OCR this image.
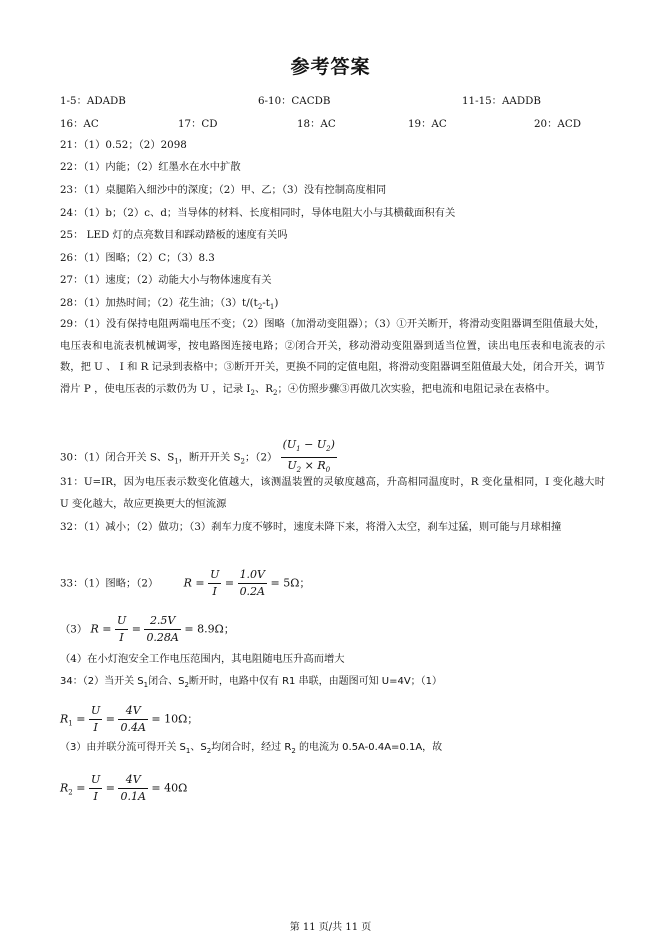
参考答案
1-5：ADADB	6-10：CACDB	11-15：AADDB
16：AC	17：CD	18：AC	19：AC	20：ACD
21：（1）0.52；（2）2098
22：（1）内能；（2）红墨水在水中扩散
23：（1）桌腿陷入细沙中的深度；（2）甲、乙；（3）没有控制高度相同
24：（1）b；（2）c、d；当导体的材料、长度相同时，导体电阻大小与其横截面积有关
25： LED 灯的点亮数目和踩动踏板的速度有关吗
26：（1）图略；（2）C；（3）8.3
27：（1）速度；（2）动能大小与物体速度有关
28：（1）加热时间；（2）花生油；$(3)t/(t_2-t_1)$
29：（1）没有保持电阻两端电压不变；（2）图略（加滑动变阻器）；（3）①开关断开，将滑动变阻器调至阻值最大处，电压表和电流表机械调零，按电路图连接电路；②闭合开关，移动滑动变阻器到适当位置，读出电压表和电流表的示数，把 U 、 I 和 R 记录到表格中；③断开开关，更换不同的定值电阻，将滑动变阻器调至阻值最大处，闭合开关，调节滑片 P ，使电压表的示数仍为 U ，记录 $I_2$、$R_2$；④仿照步骤③再做几次实验，把电流和电阻记录在表格中。
30：（1）闭合开关 S、$S_1$，断开开关 $S_2$；$(2) \frac{(U_1 - U_2)}{U_2 \times R_0}$
31：U=IR，因为电压表示数变化值越大，该测温装置的灵敏度越高，升高相同温度时，R 变化量相同，I 变化越大时 U 变化越大，故应更换更大的恒流源
32：（1）减小；（2）做功；（3）刹车力度不够时，速度未降下来，将滑入太空，刹车过猛，则可能与月球相撞
33：（1）图略；（2） $R = \frac{U}{I} = \frac{1.0V}{0.2A} = 5\Omega$；
（3） $R = \frac{U}{I} = \frac{2.5V}{0.28A} = 8.9\Omega$；
（4）在小灯泡安全工作电压范围内，其电阻随电压升高而增大
34：（2）当开关 $S_1$闭合、$S_2$断开时，电路中仅有 R1 串联，由题图可知 U=4V；（1）
$R_1 = \frac{U}{I} = \frac{4V}{0.4A} = 10\Omega$；
（3）由并联分流可得开关 $S_1$、$S_2$均闭合时，经过 $R_2$ 的电流为 0.5A-0.4A=0.1A，故
$R_2 = \frac{U}{I} = \frac{4V}{0.1A} = 40\Omega$
第 11 页/共 11 页
